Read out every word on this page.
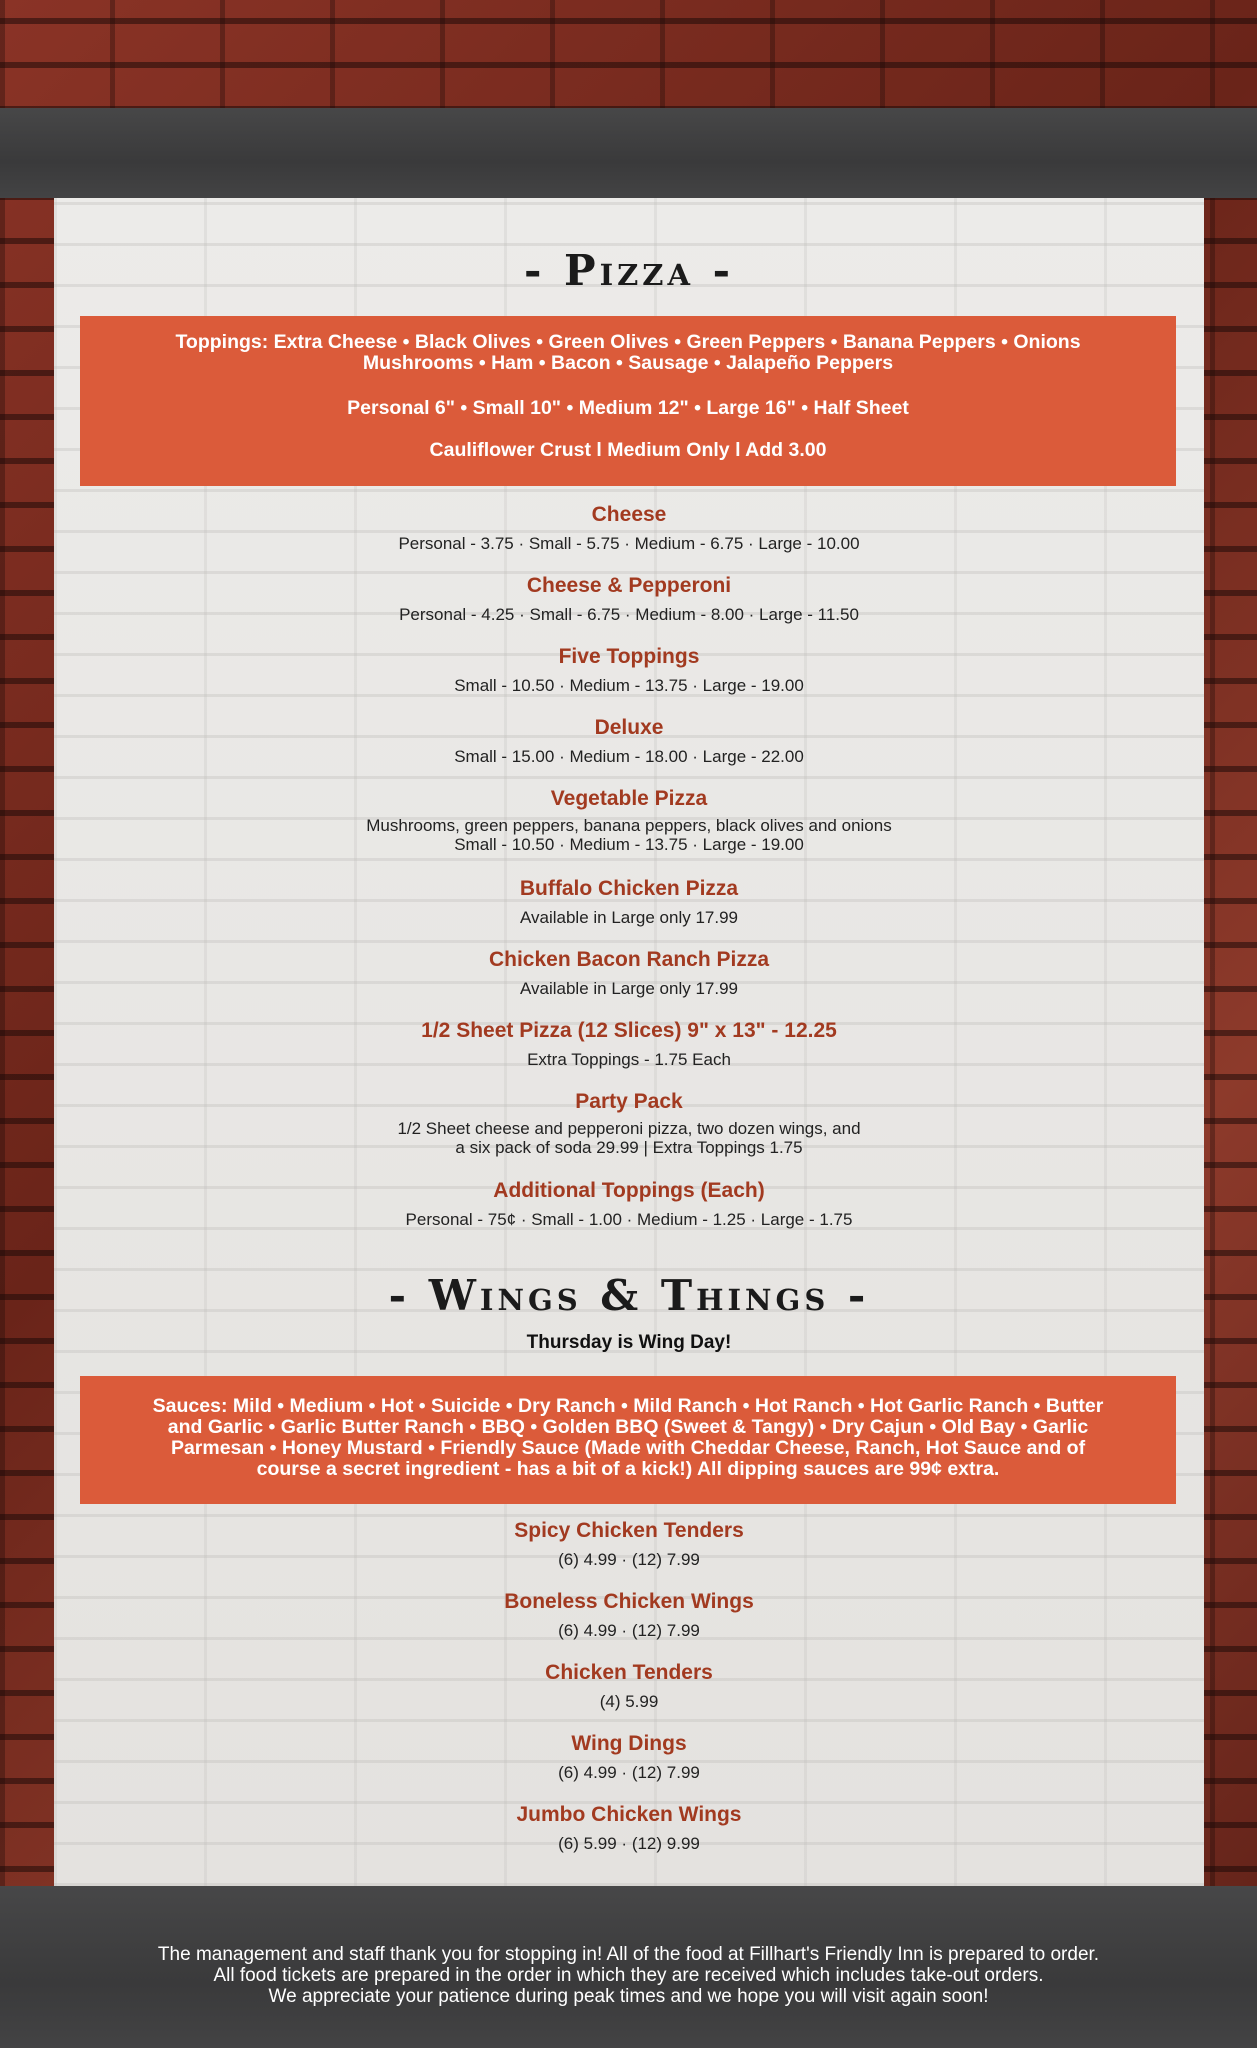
- Pizza -
Toppings: Extra Cheese • Black Olives • Green Olives • Green Peppers • Banana Peppers • Onions
Mushrooms • Ham • Bacon • Sausage • Jalapeño Peppers
Personal 6" • Small 10" • Medium 12" • Large 16" • Half Sheet
Cauliflower Crust l Medium Only l Add 3.00
Cheese
Personal - 3.75 · Small - 5.75 · Medium - 6.75 · Large - 10.00
Cheese & Pepperoni
Personal - 4.25 · Small - 6.75 · Medium - 8.00 · Large - 11.50
Five Toppings
Small - 10.50 · Medium - 13.75 · Large - 19.00
Deluxe
Small - 15.00 · Medium - 18.00 · Large - 22.00
Vegetable Pizza
Mushrooms, green peppers, banana peppers, black olives and onions
Small - 10.50 · Medium - 13.75 · Large - 19.00
Buffalo Chicken Pizza
Available in Large only 17.99
Chicken Bacon Ranch Pizza
Available in Large only 17.99
1/2 Sheet Pizza (12 Slices) 9" x 13" - 12.25
Extra Toppings - 1.75 Each
Party Pack
1/2 Sheet cheese and pepperoni pizza, two dozen wings, and
a six pack of soda 29.99 | Extra Toppings 1.75
Additional Toppings (Each)
Personal - 75¢ · Small - 1.00 · Medium - 1.25 · Large - 1.75
- Wings & Things -
Thursday is Wing Day!
Sauces: Mild • Medium • Hot • Suicide • Dry Ranch • Mild Ranch • Hot Ranch • Hot Garlic Ranch • Butter
and Garlic • Garlic Butter Ranch • BBQ • Golden BBQ (Sweet & Tangy) • Dry Cajun • Old Bay • Garlic
Parmesan • Honey Mustard • Friendly Sauce (Made with Cheddar Cheese, Ranch, Hot Sauce and of
course a secret ingredient - has a bit of a kick!) All dipping sauces are 99¢ extra.
Spicy Chicken Tenders
(6) 4.99 · (12) 7.99
Boneless Chicken Wings
(6) 4.99 · (12) 7.99
Chicken Tenders
(4) 5.99
Wing Dings
(6) 4.99 · (12) 7.99
Jumbo Chicken Wings
(6) 5.99 · (12) 9.99
The management and staff thank you for stopping in! All of the food at Fillhart's Friendly Inn is prepared to order.
All food tickets are prepared in the order in which they are received which includes take-out orders.
We appreciate your patience during peak times and we hope you will visit again soon!
